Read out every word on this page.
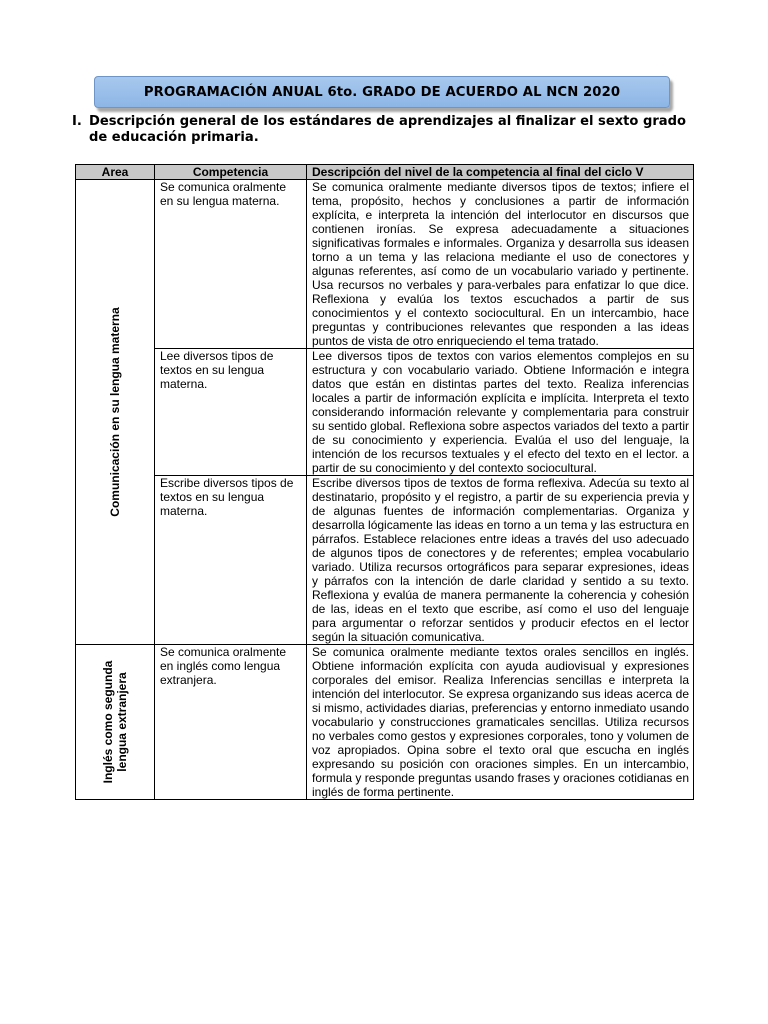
PROGRAMACIÓN ANUAL 6to. GRADO DE ACUERDO AL NCN 2020
I. Descripción general de los estándares de aprendizajes al finalizar el sexto grado de educación primaria.
Area	Competencia	Descripción del nivel de la competencia al final del ciclo V

Comunicación en su lengua materna	Se comunica oralmente en su lengua materna.	Se comunica oralmente mediante diversos tipos de textos; infiere el tema, propósito, hechos y conclusiones a partir de información explícita, e interpreta la intención del interlocutor en discursos que contienen ironías. Se expresa adecuadamente a situaciones significativas formales e informales. Organiza y desarrolla sus ideasen torno a un tema y las relaciona mediante el uso de conectores y algunas referentes, así como de un vocabulario variado y pertinente. Usa recursos no verbales y para-verbales para enfatizar lo que dice. Reflexiona y evalúa los textos escuchados a partir de sus conocimientos y el contexto sociocultural. En un intercambio, hace preguntas y contribuciones relevantes que responden a las ideas puntos de vista de otro enriqueciendo el tema tratado.
	Lee diversos tipos de textos en su lengua materna.	Lee diversos tipos de textos con varios elementos complejos en su estructura y con vocabulario variado. Obtiene Información e integra datos que están en distintas partes del texto. Realiza inferencias locales a partir de información explícita e implícita. Interpreta el texto considerando información relevante y complementaria para construir su sentido global. Reflexiona sobre aspectos variados del texto a partir de su conocimiento y experiencia. Evalúa el uso del lenguaje, la intención de los recursos textuales y el efecto del texto en el lector. a partir de su conocimiento y del contexto sociocultural.
	Escribe diversos tipos de textos en su lengua materna.	Escribe diversos tipos de textos de forma reflexiva. Adecúa su texto al destinatario, propósito y el registro, a partir de su experiencia previa y de algunas fuentes de información complementarias. Organiza y desarrolla lógicamente las ideas en torno a un tema y las estructura en párrafos. Establece relaciones entre ideas a través del uso adecuado de algunos tipos de conectores y de referentes; emplea vocabulario variado. Utiliza recursos ortográficos para separar expresiones, ideas y párrafos con la intención de darle claridad y sentido a su texto. Reflexiona y evalúa de manera permanente la coherencia y cohesión de las, ideas en el texto que escribe, así como el uso del lenguaje para argumentar o reforzar sentidos y producir efectos en el lector según la situación comunicativa.

Inglés como segunda lengua extranjera	Se comunica oralmente en inglés como lengua extranjera.	Se comunica oralmente mediante textos orales sencillos en inglés. Obtiene información explícita con ayuda audiovisual y expresiones corporales del emisor. Realiza Inferencias sencillas e interpreta la intención del interlocutor. Se expresa organizando sus ideas acerca de si mismo, actividades diarias, preferencias y entorno inmediato usando vocabulario y construcciones gramaticales sencillas. Utiliza recursos no verbales como gestos y expresiones corporales, tono y volumen de voz apropiados. Opina sobre el texto oral que escucha en inglés expresando su posición con oraciones simples. En un intercambio, formula y responde preguntas usando frases y oraciones cotidianas en inglés de forma pertinente.
